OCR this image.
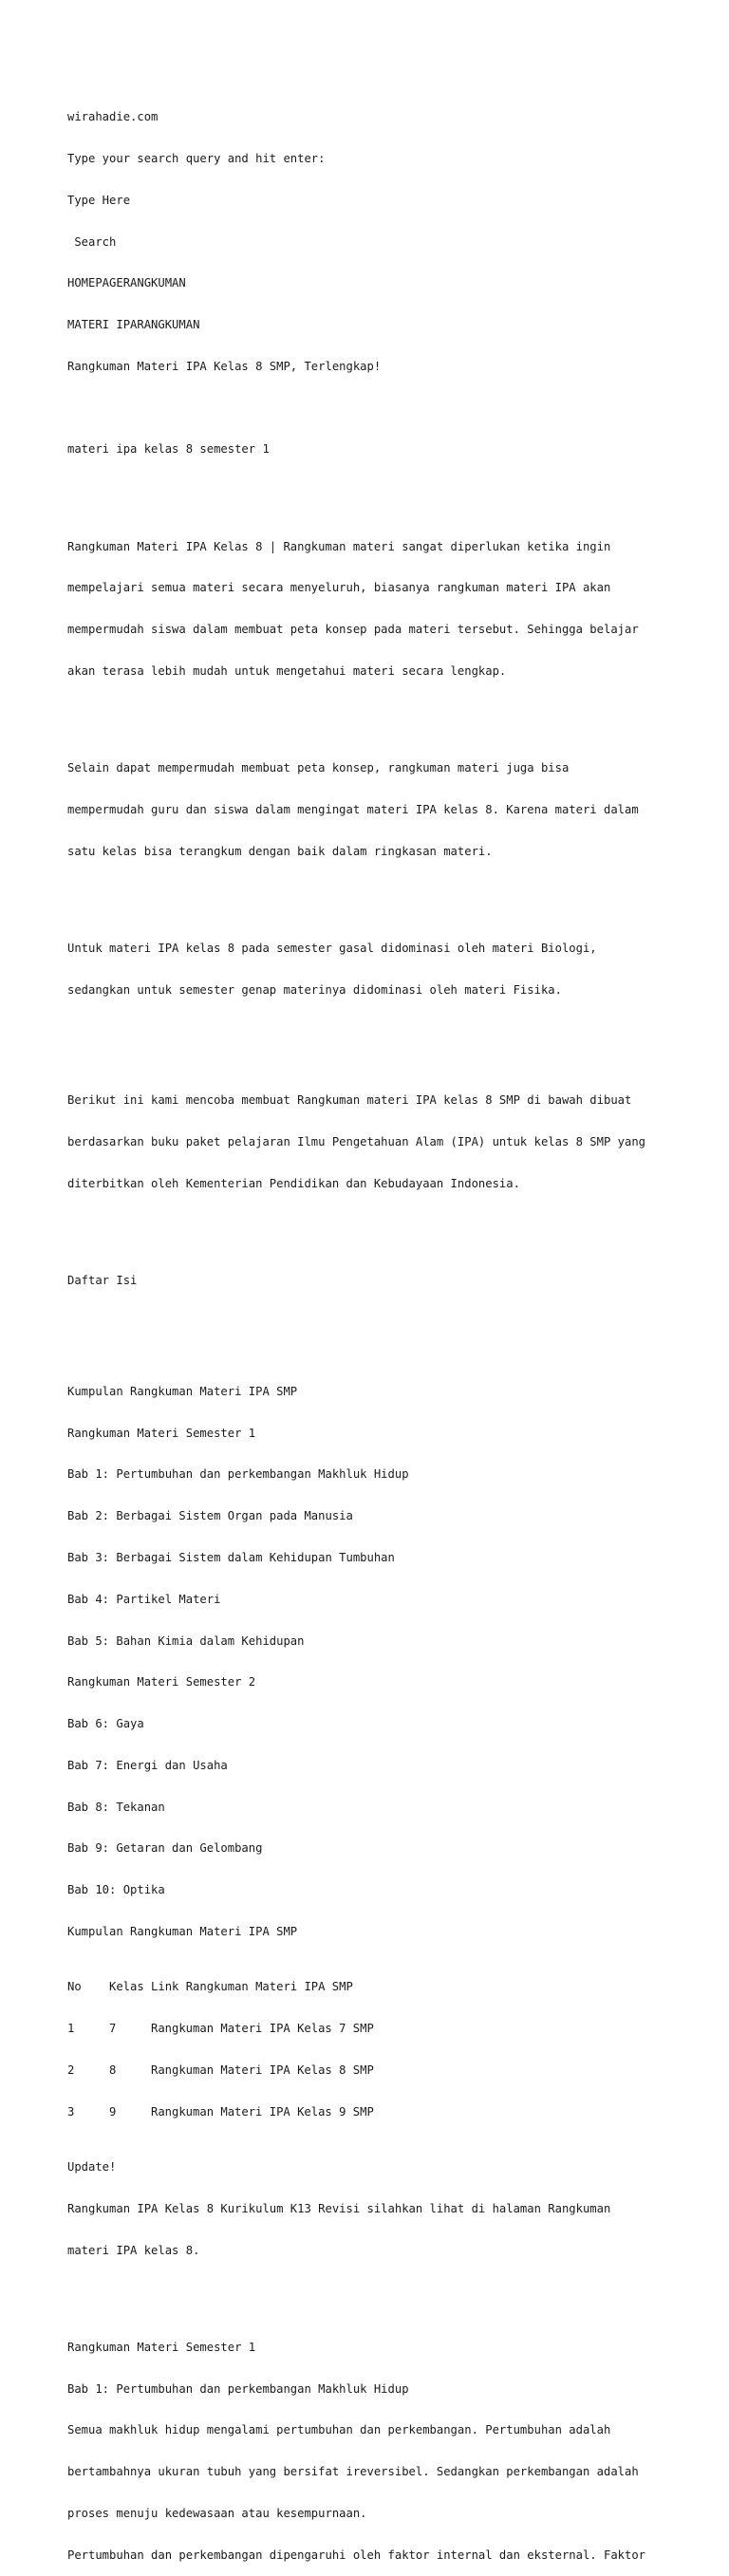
wirahadie.com

Type your search query and hit enter:

Type Here

Search

HOMEPAGERANGKUMAN

MATERI IPARANGKUMAN

Rangkuman Materi IPA Kelas 8 SMP, Terlengkap!

materi ipa kelas 8 semester 1

Rangkuman Materi IPA Kelas 8 | Rangkuman materi sangat diperlukan ketika ingin

mempelajari semua materi secara menyeluruh, biasanya rangkuman materi IPA akan

mempermudah siswa dalam membuat peta konsep pada materi tersebut. Sehingga belajar

akan terasa lebih mudah untuk mengetahui materi secara lengkap.

Selain dapat mempermudah membuat peta konsep, rangkuman materi juga bisa

mempermudah guru dan siswa dalam mengingat materi IPA kelas 8. Karena materi dalam

satu kelas bisa terangkum dengan baik dalam ringkasan materi.

Untuk materi IPA kelas 8 pada semester gasal didominasi oleh materi Biologi,

sedangkan untuk semester genap materinya didominasi oleh materi Fisika.

Berikut ini kami mencoba membuat Rangkuman materi IPA kelas 8 SMP di bawah dibuat

berdasarkan buku paket pelajaran Ilmu Pengetahuan Alam (IPA) untuk kelas 8 SMP yang

diterbitkan oleh Kementerian Pendidikan dan Kebudayaan Indonesia.

Daftar Isi

Kumpulan Rangkuman Materi IPA SMP

Rangkuman Materi Semester 1

Bab 1: Pertumbuhan dan perkembangan Makhluk Hidup

Bab 2: Berbagai Sistem Organ pada Manusia

Bab 3: Berbagai Sistem dalam Kehidupan Tumbuhan

Bab 4: Partikel Materi

Bab 5: Bahan Kimia dalam Kehidupan

Rangkuman Materi Semester 2

Bab 6: Gaya

Bab 7: Energi dan Usaha

Bab 8: Tekanan

Bab 9: Getaran dan Gelombang

Bab 10: Optika

Kumpulan Rangkuman Materi IPA SMP

No Kelas Link Rangkuman Materi IPA SMP

1	7	Rangkuman Materi IPA Kelas 7 SMP

2	8	Rangkuman Materi IPA Kelas 8 SMP

3	9	Rangkuman Materi IPA Kelas 9 SMP

Update!

Rangkuman IPA Kelas 8 Kurikulum K13 Revisi silahkan lihat di halaman Rangkuman

materi IPA kelas 8.

Rangkuman Materi Semester 1

Bab 1: Pertumbuhan dan perkembangan Makhluk Hidup

Semua makhluk hidup mengalami pertumbuhan dan perkembangan. Pertumbuhan adalah

bertambahnya ukuran tubuh yang bersifat ireversibel. Sedangkan perkembangan adalah

proses menuju kedewasaan atau kesempurnaan.

Pertumbuhan dan perkembangan dipengaruhi oleh faktor internal dan eksternal. Faktor
